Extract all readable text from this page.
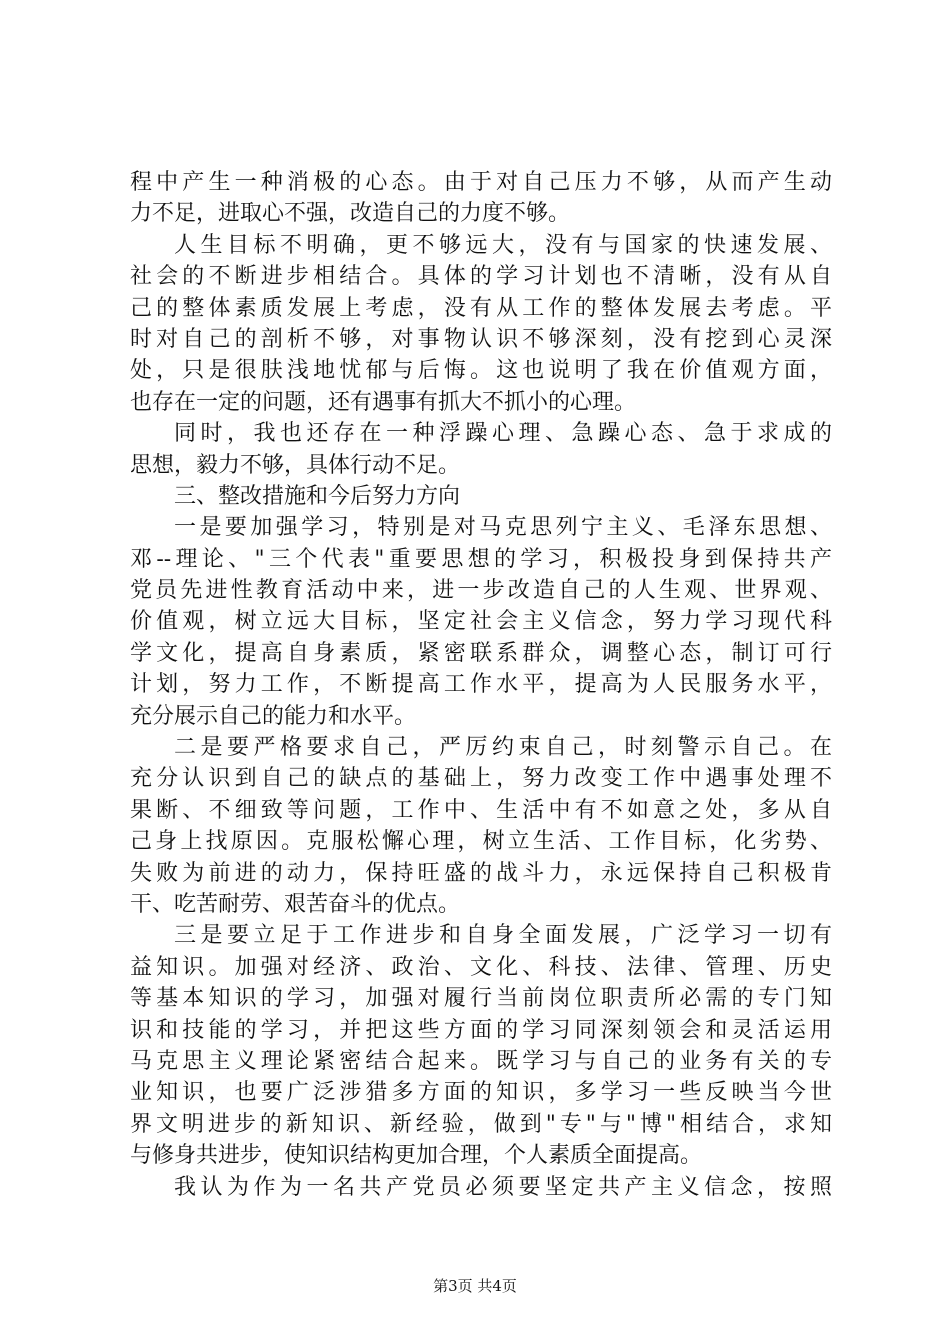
程中产生一种消极的心态。由于对自己压力不够，从而产生动
力不足，进取心不强，改造自己的力度不够。
人生目标不明确，更不够远大，没有与国家的快速发展、
社会的不断进步相结合。具体的学习计划也不清晰，没有从自
己的整体素质发展上考虑，没有从工作的整体发展去考虑。平
时对自己的剖析不够，对事物认识不够深刻，没有挖到心灵深
处，只是很肤浅地忧郁与后悔。这也说明了我在价值观方面，
也存在一定的问题，还有遇事有抓大不抓小的心理。
同时，我也还存在一种浮躁心理、急躁心态、急于求成的
思想，毅力不够，具体行动不足。
三、整改措施和今后努力方向
一是要加强学习，特别是对马克思列宁主义、毛泽东思想、
邓--理论、"三个代表"重要思想的学习，积极投身到保持共产
党员先进性教育活动中来，进一步改造自己的人生观、世界观、
价值观，树立远大目标，坚定社会主义信念，努力学习现代科
学文化，提高自身素质，紧密联系群众，调整心态，制订可行
计划，努力工作，不断提高工作水平，提高为人民服务水平，
充分展示自己的能力和水平。
二是要严格要求自己，严厉约束自己，时刻警示自己。在
充分认识到自己的缺点的基础上，努力改变工作中遇事处理不
果断、不细致等问题，工作中、生活中有不如意之处，多从自
己身上找原因。克服松懈心理，树立生活、工作目标，化劣势、
失败为前进的动力，保持旺盛的战斗力，永远保持自己积极肯
干、吃苦耐劳、艰苦奋斗的优点。
三是要立足于工作进步和自身全面发展，广泛学习一切有
益知识。加强对经济、政治、文化、科技、法律、管理、历史
等基本知识的学习，加强对履行当前岗位职责所必需的专门知
识和技能的学习，并把这些方面的学习同深刻领会和灵活运用
马克思主义理论紧密结合起来。既学习与自己的业务有关的专
业知识，也要广泛涉猎多方面的知识，多学习一些反映当今世
界文明进步的新知识、新经验，做到"专"与"博"相结合，求知
与修身共进步，使知识结构更加合理，个人素质全面提高。
我认为作为一名共产党员必须要坚定共产主义信念，按照
第3页 共4页
